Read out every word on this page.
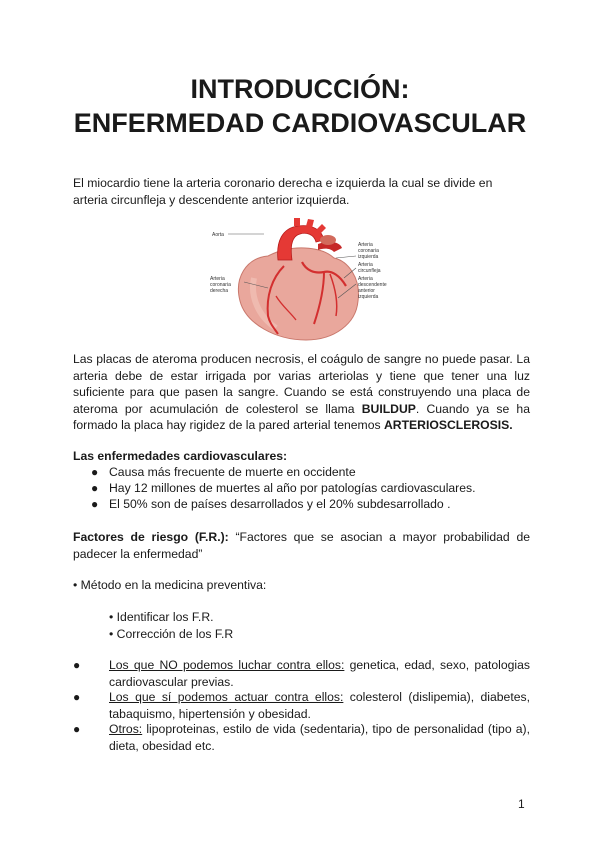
INTRODUCCIÓN:
ENFERMEDAD CARDIOVASCULAR
El miocardio tiene la arteria coronario derecha e izquierda la cual se divide en arteria circunfleja y descendente anterior izquierda.
Aorta
Arteria
coronaria
izquierda
Arteria
circunfleja
Arteria
descendente
anterior
izquierda
Arteria
coronaria
derecha
Las placas de ateroma producen necrosis, el coágulo de sangre no puede pasar. La arteria debe de estar irrigada por varias arteriolas y tiene que tener una luz suficiente para que pasen la sangre. Cuando se está construyendo una placa de ateroma por acumulación de colesterol se llama BUILDUP. Cuando ya se ha formado la placa hay rigidez de la pared arterial tenemos ARTERIOSCLEROSIS.
Las enfermedades cardiovasculares:
● Causa más frecuente de muerte en occidente
● Hay 12 millones de muertes al año por patologías cardiovasculares.
● El 50% son de países desarrollados y el 20% subdesarrollado .
Factores de riesgo (F.R.): “Factores que se asocian a mayor probabilidad de padecer la enfermedad”
• Método en la medicina preventiva:
• Identificar los F.R.
• Corrección de los F.R
● Los que NO podemos luchar contra ellos: genetica, edad, sexo, patologias cardiovascular previas.
● Los que sí podemos actuar contra ellos: colesterol (dislipemia), diabetes, tabaquismo, hipertensión y obesidad.
● Otros: lipoproteinas, estilo de vida (sedentaria), tipo de personalidad (tipo a), dieta, obesidad etc.
1
